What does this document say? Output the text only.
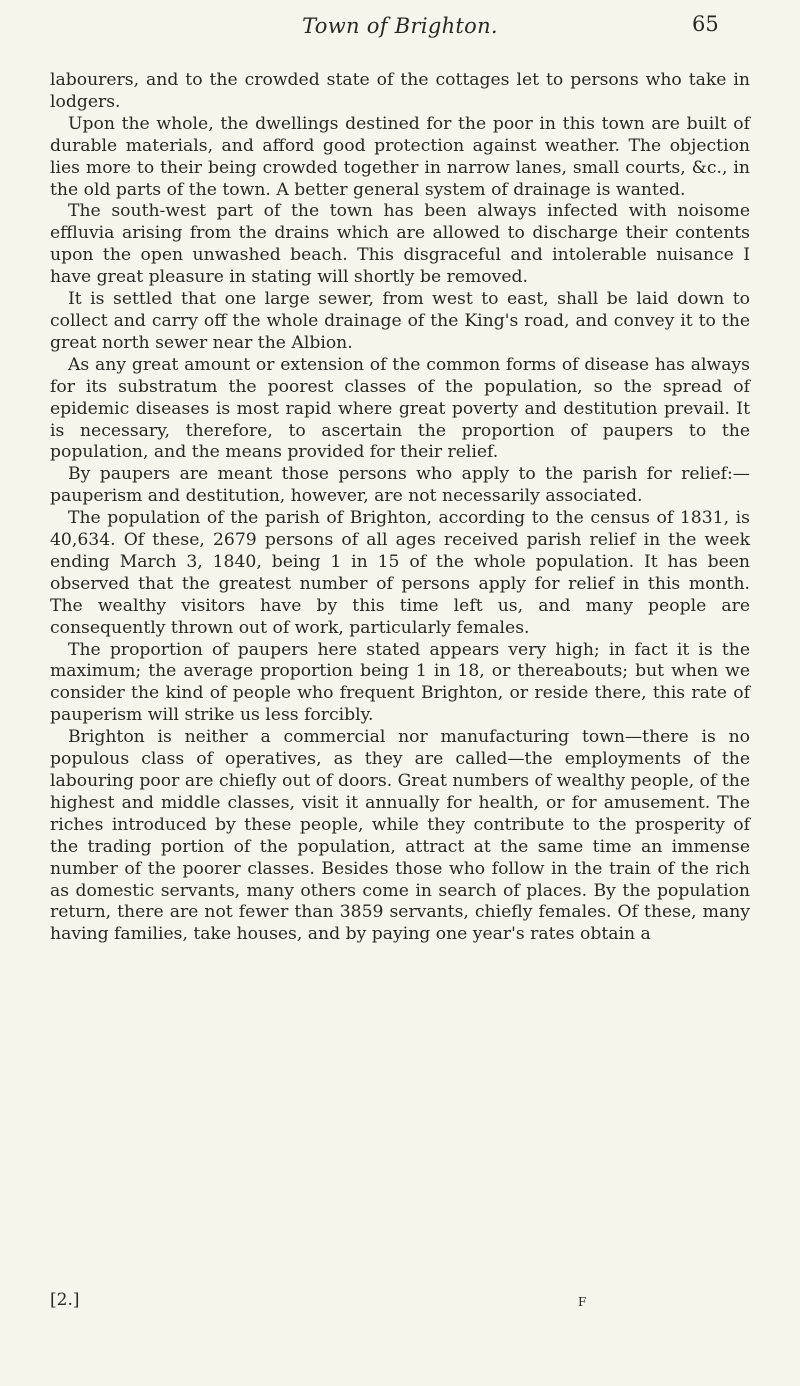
Town of Brighton.	65

labourers, and to the crowded state of the cottages let to persons who take in lodgers.

Upon the whole, the dwellings destined for the poor in this town are built of durable materials, and afford good protection against weather. The objection lies more to their being crowded together in narrow lanes, small courts, &c., in the old parts of the town. A better general system of drainage is wanted.

The south-west part of the town has been always infected with noisome effluvia arising from the drains which are allowed to discharge their contents upon the open unwashed beach. This disgraceful and intolerable nuisance I have great pleasure in stating will shortly be removed.

It is settled that one large sewer, from west to east, shall be laid down to collect and carry off the whole drainage of the King's road, and convey it to the great north sewer near the Albion.

As any great amount or extension of the common forms of disease has always for its substratum the poorest classes of the population, so the spread of epidemic diseases is most rapid where great poverty and destitution prevail. It is necessary, therefore, to ascertain the proportion of paupers to the population, and the means provided for their relief.

By paupers are meant those persons who apply to the parish for relief:—pauperism and destitution, however, are not necessarily associated.

The population of the parish of Brighton, according to the census of 1831, is 40,634. Of these, 2679 persons of all ages received parish relief in the week ending March 3, 1840, being 1 in 15 of the whole population. It has been observed that the greatest number of persons apply for relief in this month. The wealthy visitors have by this time left us, and many people are consequently thrown out of work, particularly females.

The proportion of paupers here stated appears very high; in fact it is the maximum; the average proportion being 1 in 18, or thereabouts; but when we consider the kind of people who frequent Brighton, or reside there, this rate of pauperism will strike us less forcibly.

Brighton is neither a commercial nor manufacturing town—there is no populous class of operatives, as they are called—the employments of the labouring poor are chiefly out of doors. Great numbers of wealthy people, of the highest and middle classes, visit it annually for health, or for amusement. The riches introduced by these people, while they contribute to the prosperity of the trading portion of the population, attract at the same time an immense number of the poorer classes. Besides those who follow in the train of the rich as domestic servants, many others come in search of places. By the population return, there are not fewer than 3859 servants, chiefly females. Of these, many having families, take houses, and by paying one year's rates obtain a

[2.]	F
